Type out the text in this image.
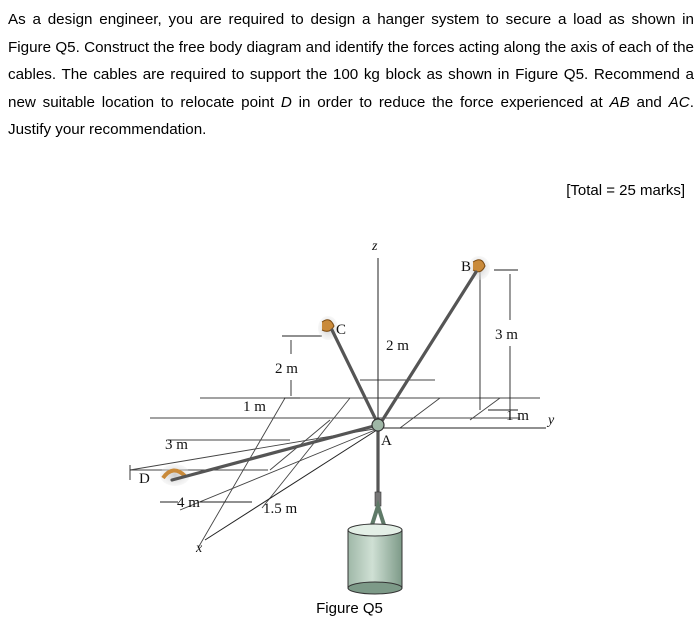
As a design engineer, you are required to design a hanger system to secure a load as shown in Figure Q5. Construct the free body diagram and identify the forces acting along the axis of each of the cables. The cables are required to support the 100 kg block as shown in Figure Q5. Recommend a new suitable location to relocate point D in order to reduce the force experienced at AB and AC. Justify your recommendation.
[Total = 25 marks]
z
y
x
B
C
A
D
2 m
1 m
3 m
1 m
2 m
3 m
4 m	1.5 m
Figure Q5
